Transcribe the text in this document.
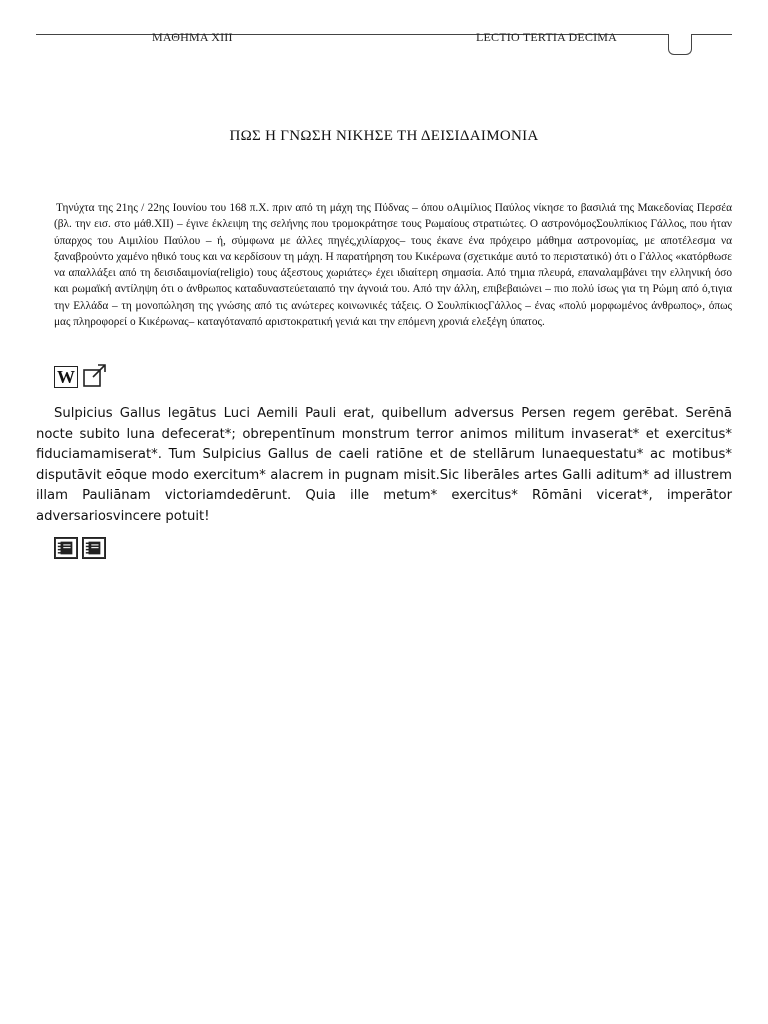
ΜΑΘΗΜΑ XIII	LECTIO TERTIA DECIMA
ΠΩΣ Η ΓΝΩΣΗ ΝΙΚΗΣΕ ΤΗ ΔΕΙΣΙΔΑΙΜΟΝΙΑ

Τηνύχτα της 21ης / 22ης Ιουνίου του 168 π.Χ. πριν από τη μάχη της Πύδνας – όπου οΑιμίλιος Παύλος νίκησε το βασιλιά της Μακεδονίας Περσέα (βλ. την εισ. στο μάθ.XII) – έγινε έκλειψη της σελήνης που τρομοκράτησε τους Ρωμαίους στρατιώτες. Ο αστρονόμοςΣουλπίκιος Γάλλος, που ήταν ύπαρχος του Αιμιλίου Παύλου – ή, σύμφωνα με άλλες πηγές,χιλίαρχος– τους έκανε ένα πρόχειρο μάθημα αστρονομίας, με αποτέλεσμα να ξαναβρούντο χαμένο ηθικό τους και να κερδίσουν τη μάχη. Η παρατήρηση του Κικέρωνα (σχετικάμε αυτό το περιστατικό) ότι ο Γάλλος «κατόρθωσε να απαλλάξει από τη δεισιδαιμονία(religio) τους άξεστους χωριάτες» έχει ιδιαίτερη σημασία. Από τημια πλευρά, επαναλαμβάνει την ελληνική όσο και ρωμαϊκή αντίληψη ότι ο άνθρωπος καταδυναστεύεταιαπό την άγνοιά του. Από την άλλη, επιβεβαιώνει – πιο πολύ ίσως για τη Ρώμη από ό,τιγια την Ελλάδα – τη μονοπώληση της γνώσης από τις ανώτερες κοινωνικές τάξεις. Ο ΣουλπίκιοςΓάλλος – ένας «πολύ μορφωμένος άνθρωπος», όπως μας πληροφορεί ο Κικέρωνας– καταγόταναπό αριστοκρατική γενιά και την επόμενη χρονιά ελεξέγη ύπατος.

W

Sulpicius Gallus legātus Luci Aemili Pauli erat, quibellum adversus Persen regem gerēbat. Serēnā nocte subito luna defecerat*; obrepentīnum monstrum terror animos militum invaserat* et exercitus* fiduciamamiserat*. Tum Sulpicius Gallus de caeli ratiōne et de stellārum lunaequestatu* ac motibus* disputāvit eōque modo exercitum* alacrem in pugnam misit.Sic liberāles artes Galli aditum* ad illustrem illam Pauliānam victoriamdedērunt. Quia ille metum* exercitus* Rōmāni vicerat*, imperātor adversariosvincere potuit!
